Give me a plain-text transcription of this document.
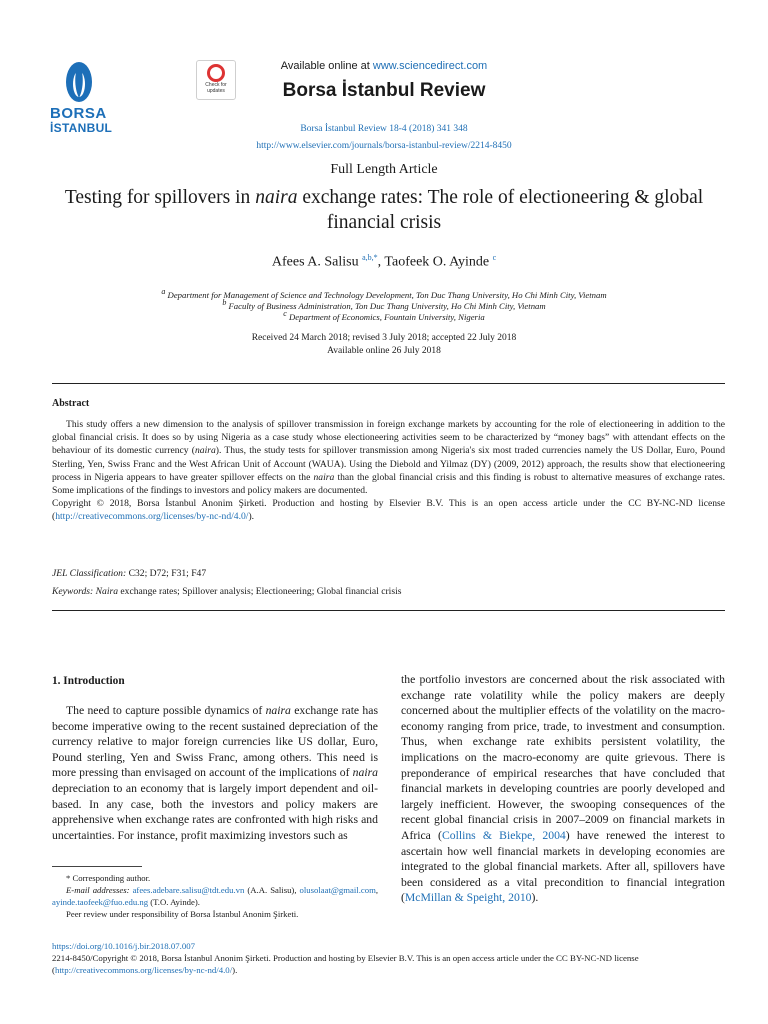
BORSA
İSTANBUL
Check for updates
Available online at www.sciencedirect.com
Borsa İstanbul Review
Borsa İstanbul Review 18-4 (2018) 341 348
http://www.elsevier.com/journals/borsa-istanbul-review/2214-8450
Full Length Article
Testing for spillovers in naira exchange rates: The role of electioneering & global financial crisis
Afees A. Salisu $^{a,b,*}$, Taofeek O. Ayinde $^c$
$^a$ Department for Management of Science and Technology Development, Ton Duc Thang University, Ho Chi Minh City, Vietnam
$^b$ Faculty of Business Administration, Ton Duc Thang University, Ho Chi Minh City, Vietnam
$^c$ Department of Economics, Fountain University, Nigeria
Received 24 March 2018; revised 3 July 2018; accepted 22 July 2018
Available online 26 July 2018
Abstract

This study offers a new dimension to the analysis of spillover transmission in foreign exchange markets by accounting for the role of electioneering in addition to the global financial crisis. It does so by using Nigeria as a case study whose electioneering activities seem to be characterized by “money bags” with attendant effects on the behaviour of its domestic currency (naira). Thus, the study tests for spillover transmission among Nigeria's six most traded currencies namely the US Dollar, Euro, Pound Sterling, Yen, Swiss Franc and the West African Unit of Account (WAUA). Using the Diebold and Yilmaz (DY) (2009, 2012) approach, the results show that electioneering process in Nigeria appears to have greater spillover effects on the naira than the global financial crisis and this finding is robust to alternative measures of exchange rates. Some implications of the findings to investors and policy makers are documented.

Copyright © 2018, Borsa İstanbul Anonim Şirketi. Production and hosting by Elsevier B.V. This is an open access article under the CC BY-NC-ND license (http://creativecommons.org/licenses/by-nc-nd/4.0/).

JEL Classification: C32; D72; F31; F47
Keywords: Naira exchange rates; Spillover analysis; Electioneering; Global financial crisis
1. Introduction

The need to capture possible dynamics of naira exchange rate has become imperative owing to the recent sustained depreciation of the currency relative to major foreign currencies like US dollar, Euro, Pound sterling, Yen and Swiss Franc, among others. This need is more pressing than envisaged on account of the implications of naira depreciation to an economy that is largely import dependent and oil-based. In any case, both the investors and policy makers are apprehensive when exchange rates are confronted with high risks and uncertainties. For instance, profit maximizing investors such as

the portfolio investors are concerned about the risk associated with exchange rate volatility while the policy makers are deeply concerned about the multiplier effects of the volatility on the macro-economy ranging from price, trade, to investment and consumption. Thus, when exchange rate exhibits persistent volatility, the implications on the macro-economy are quite grievous. There is preponderance of empirical researches that have concluded that financial markets in developing countries are poorly developed and largely inefficient. However, the swooping consequences of the recent global financial crisis in 2007–2009 on financial markets in Africa (Collins & Biekpe, 2004) have renewed the interest to ascertain how well financial markets in developing economies are integrated to the global financial markets. After all, spillovers have been considered as a vital precondition to financial integration (McMillan & Speight, 2010).

* Corresponding author.

E-mail addresses: afees.adebare.salisu@tdt.edu.vn (A.A. Salisu), olusolaat@gmail.com, ayinde.taofeek@fuo.edu.ng (T.O. Ayinde).

Peer review under responsibility of Borsa İstanbul Anonim Şirketi.

https://doi.org/10.1016/j.bir.2018.07.007

2214-8450/Copyright © 2018, Borsa İstanbul Anonim Şirketi. Production and hosting by Elsevier B.V. This is an open access article under the CC BY-NC-ND license (http://creativecommons.org/licenses/by-nc-nd/4.0/).
